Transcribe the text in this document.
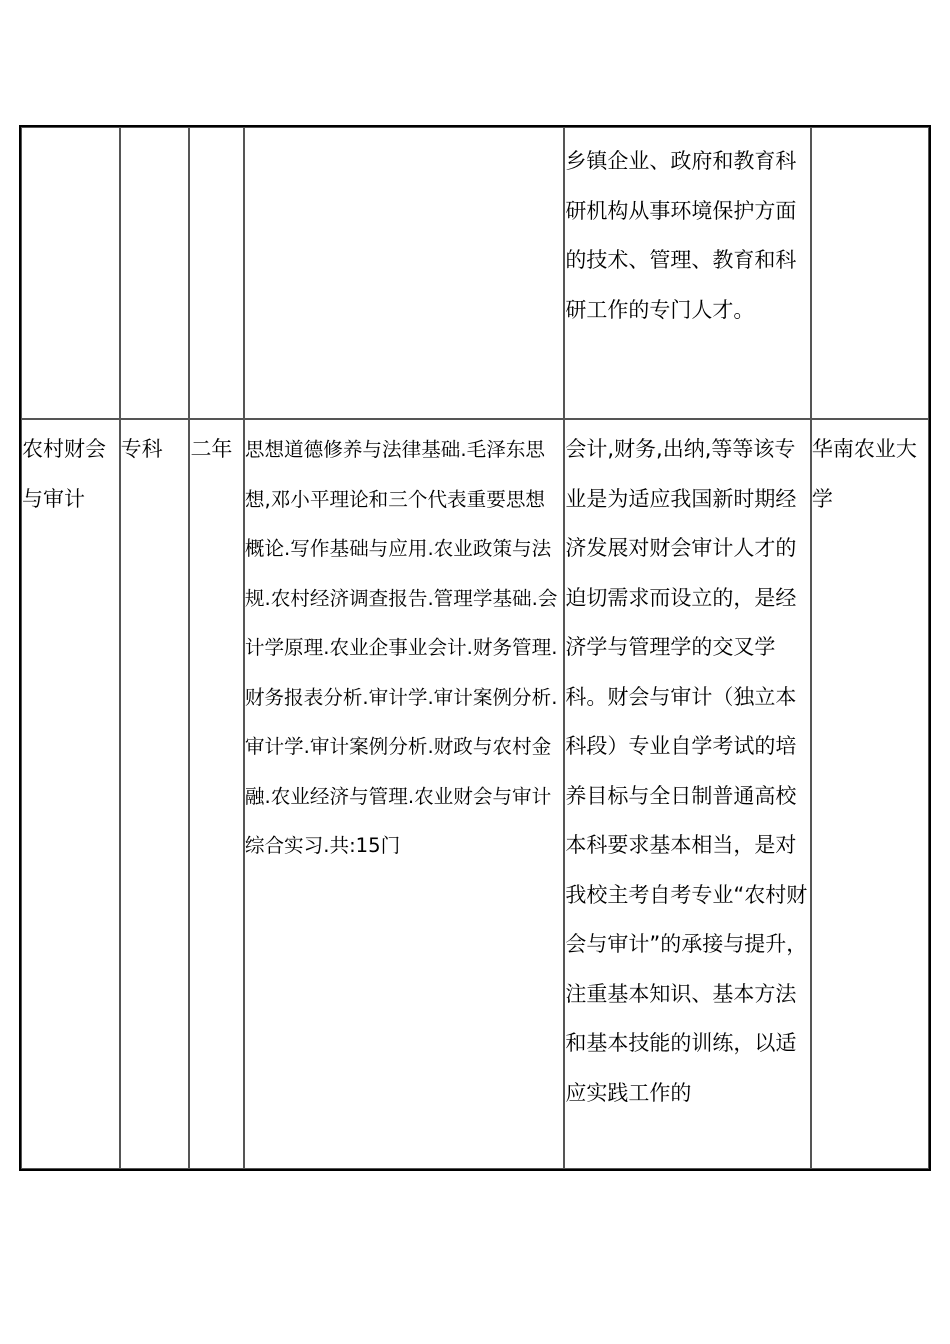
				乡镇企业、政府和教育科研机构从事环境保护方面的技术、管理、教育和科研工作的专门人才。	

农村财会与审计	专科	二年	思想道德修养与法律基础.毛泽东思想,邓小平理论和三个代表重要思想概论.写作基础与应用.农业政策与法规.农村经济调查报告.管理学基础.会计学原理.农业企事业会计.财务管理.财务报表分析.审计学.审计案例分析.审计学.审计案例分析.财政与农村金融.农业经济与管理.农业财会与审计综合实习.共:15门	会计,财务,出纳,等等该专业是为适应我国新时期经济发展对财会审计人才的迫切需求而设立的，是经济学与管理学的交叉学科。财会与审计（独立本科段）专业自学考试的培养目标与全日制普通高校本科要求基本相当，是对我校主考自考专业“农村财会与审计”的承接与提升，注重基本知识、基本方法和基本技能的训练，以适应实践工作的	华南农业大学
